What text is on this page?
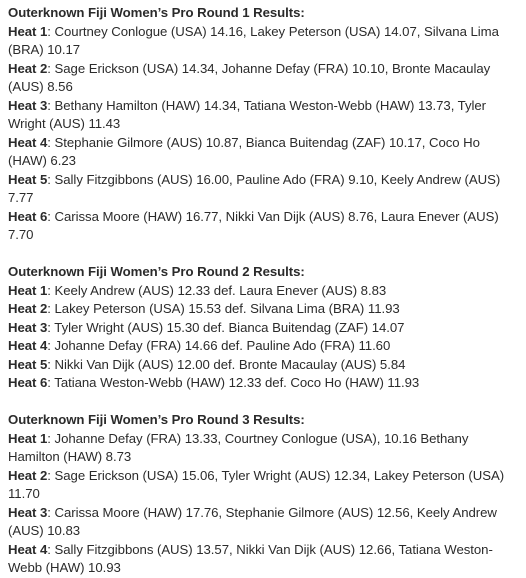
Outerknown Fiji Women’s Pro Round 1 Results:

Heat 1: Courtney Conlogue (USA) 14.16, Lakey Peterson (USA) 14.07, Silvana Lima (BRA) 10.17

Heat 2: Sage Erickson (USA) 14.34, Johanne Defay (FRA) 10.10, Bronte Macaulay (AUS) 8.56

Heat 3: Bethany Hamilton (HAW) 14.34, Tatiana Weston-Webb (HAW) 13.73, Tyler Wright (AUS) 11.43

Heat 4: Stephanie Gilmore (AUS) 10.87, Bianca Buitendag (ZAF) 10.17, Coco Ho (HAW) 6.23

Heat 5: Sally Fitzgibbons (AUS) 16.00, Pauline Ado (FRA) 9.10, Keely Andrew (AUS) 7.77

Heat 6: Carissa Moore (HAW) 16.77, Nikki Van Dijk (AUS) 8.76, Laura Enever (AUS) 7.70

Outerknown Fiji Women’s Pro Round 2 Results:

Heat 1: Keely Andrew (AUS) 12.33 def. Laura Enever (AUS) 8.83

Heat 2: Lakey Peterson (USA) 15.53 def. Silvana Lima (BRA) 11.93

Heat 3: Tyler Wright (AUS) 15.30 def. Bianca Buitendag (ZAF) 14.07

Heat 4: Johanne Defay (FRA) 14.66 def. Pauline Ado (FRA) 11.60

Heat 5: Nikki Van Dijk (AUS) 12.00 def. Bronte Macaulay (AUS) 5.84

Heat 6: Tatiana Weston-Webb (HAW) 12.33 def. Coco Ho (HAW) 11.93

Outerknown Fiji Women’s Pro Round 3 Results:

Heat 1: Johanne Defay (FRA) 13.33, Courtney Conlogue (USA), 10.16 Bethany Hamilton (HAW) 8.73

Heat 2: Sage Erickson (USA) 15.06, Tyler Wright (AUS) 12.34, Lakey Peterson (USA) 11.70

Heat 3: Carissa Moore (HAW) 17.76, Stephanie Gilmore (AUS) 12.56, Keely Andrew (AUS) 10.83

Heat 4: Sally Fitzgibbons (AUS) 13.57, Nikki Van Dijk (AUS) 12.66, Tatiana Weston-Webb (HAW) 10.93
